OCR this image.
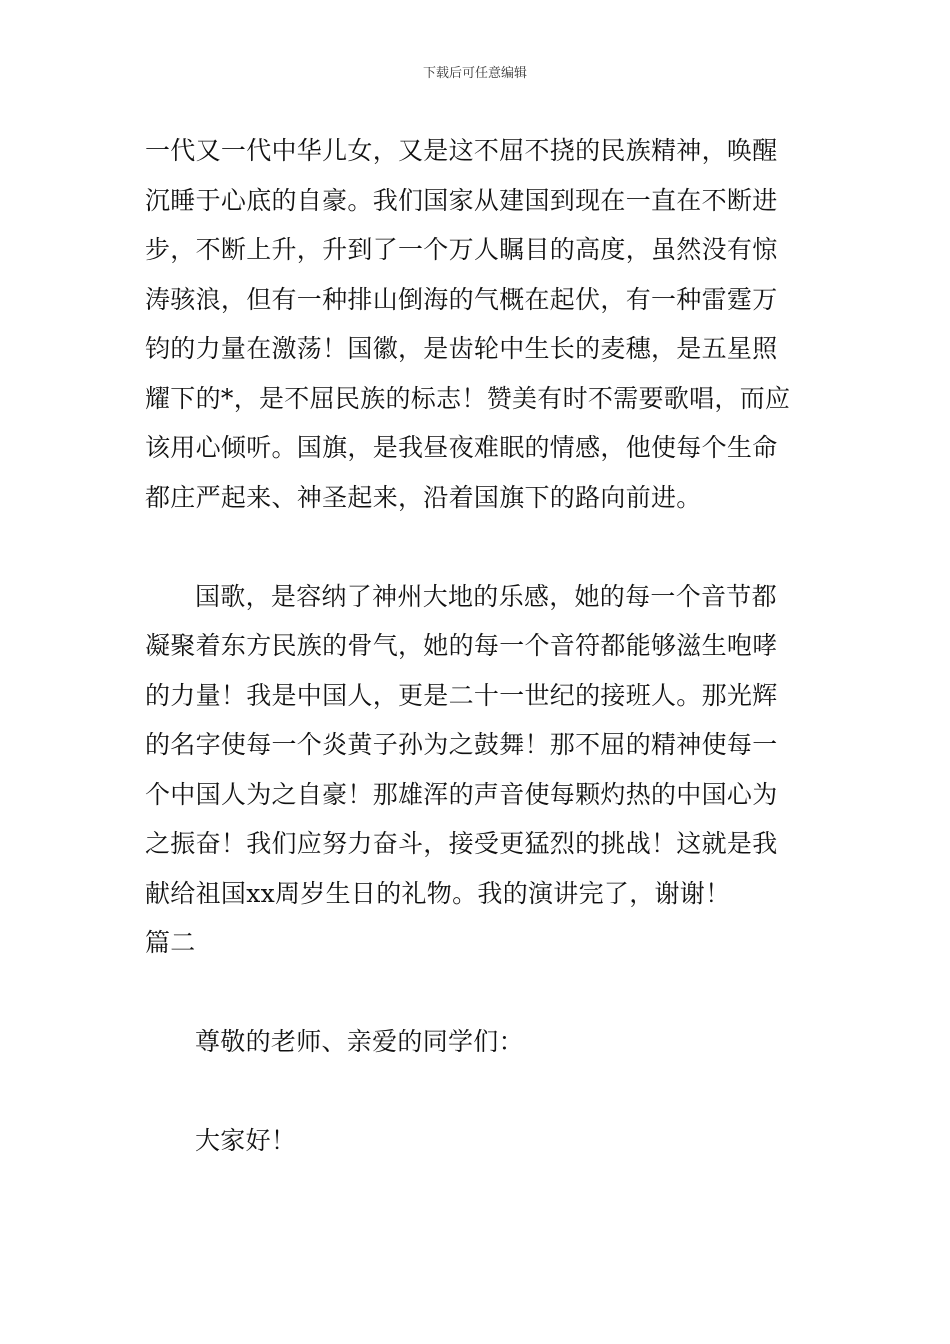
下载后可任意编辑
一代又一代中华儿女，又是这不屈不挠的民族精神，唤醒
沉睡于心底的自豪。我们国家从建国到现在一直在不断进
步，不断上升，升到了一个万人瞩目的高度，虽然没有惊
涛骇浪，但有一种排山倒海的气概在起伏，有一种雷霆万
钧的力量在激荡！国徽，是齿轮中生长的麦穗，是五星照
耀下的*，是不屈民族的标志！赞美有时不需要歌唱，而应
该用心倾听。国旗，是我昼夜难眠的情感，他使每个生命
都庄严起来、神圣起来，沿着国旗下的路向前进。
国歌，是容纳了神州大地的乐感，她的每一个音节都
凝聚着东方民族的骨气，她的每一个音符都能够滋生咆哮
的力量！我是中国人，更是二十一世纪的接班人。那光辉
的名字使每一个炎黄子孙为之鼓舞！那不屈的精神使每一
个中国人为之自豪！那雄浑的声音使每颗灼热的中国心为
之振奋！我们应努力奋斗，接受更猛烈的挑战！这就是我
献给祖国xx周岁生日的礼物。我的演讲完了，谢谢！
篇二
尊敬的老师、亲爱的同学们：
大家好！
